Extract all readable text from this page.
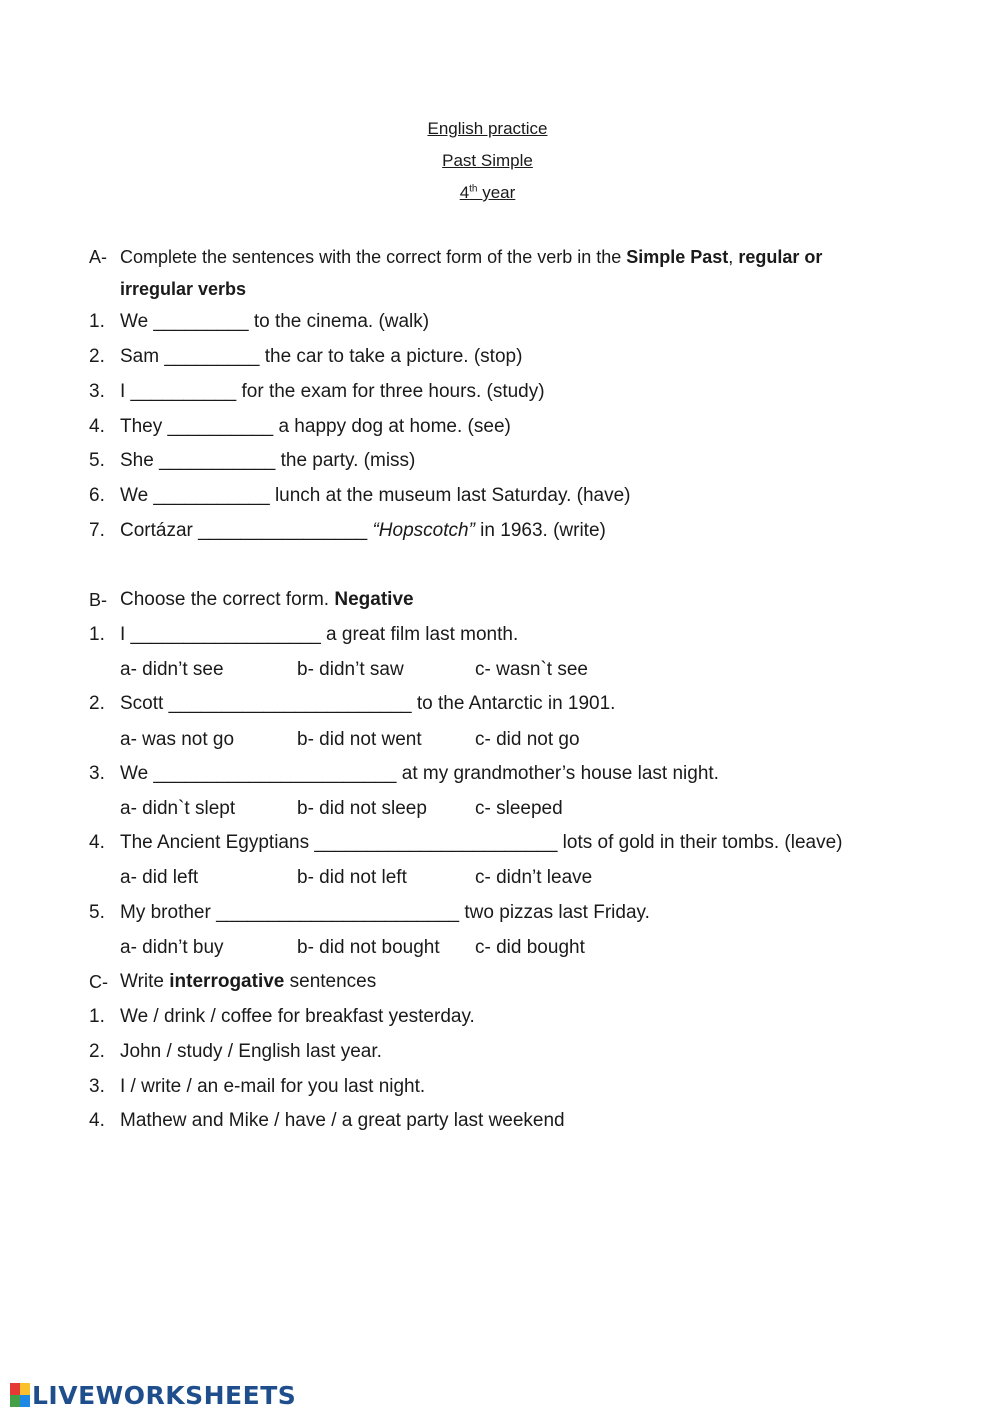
English practice
Past Simple
4th year
A- Complete the sentences with the correct form of the verb in the Simple Past, regular or
irregular verbs
1. We _________ to the cinema. (walk)
2. Sam _________ the car to take a picture. (stop)
3. I __________ for the exam for three hours. (study)
4. They __________ a happy dog at home. (see)
5. She ___________ the party. (miss)
6. We ___________ lunch at the museum last Saturday. (have)
7. Cortázar ________________ “Hopscotch” in 1963. (write)
B- Choose the correct form. Negative
1. I __________________ a great film last month.
a- didn’t see	b- didn’t saw	c- wasn`t see
2. Scott _______________________ to the Antarctic in 1901.
a- was not go	b- did not went	c- did not go
3. We _______________________ at my grandmother’s house last night.
a- didn`t slept	b- did not sleep	c- sleeped
4. The Ancient Egyptians _______________________ lots of gold in their tombs. (leave)
a- did left	b- did not left	c- didn’t leave
5. My brother _______________________ two pizzas last Friday.
a- didn’t buy	b- did not bought c- did bought
C- Write interrogative sentences
1. We / drink / coffee for breakfast yesterday.
2. John / study / English last year.
3. I / write / an e-mail for you last night.
4. Mathew and Mike / have / a great party last weekend
LIVEWORKSHEETS
